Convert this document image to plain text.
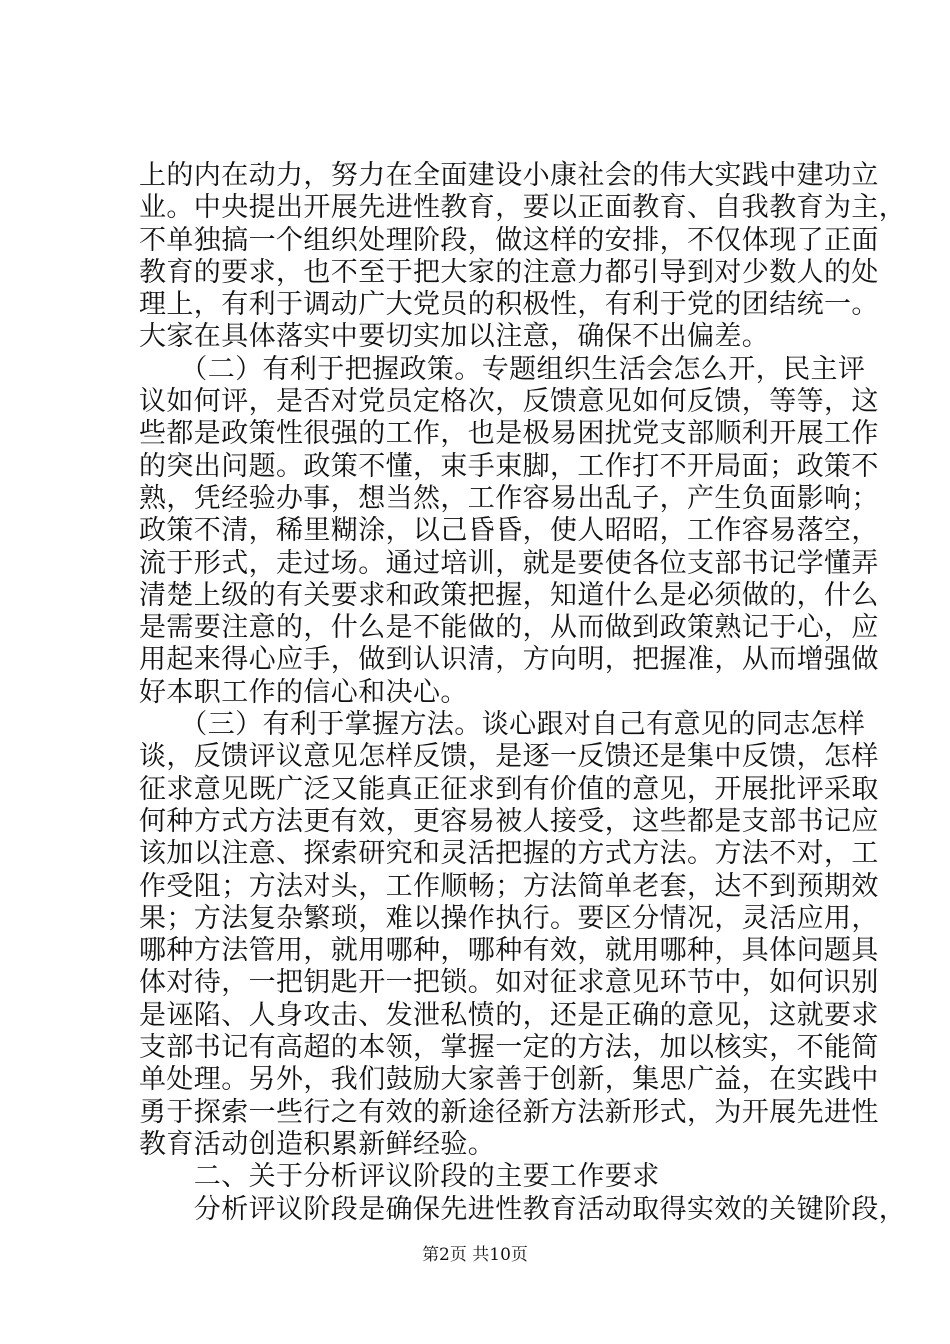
上的内在动力，努力在全面建设小康社会的伟大实践中建功立
业。中央提出开展先进性教育，要以正面教育、自我教育为主，
不单独搞一个组织处理阶段，做这样的安排，不仅体现了正面
教育的要求，也不至于把大家的注意力都引导到对少数人的处
理上，有利于调动广大党员的积极性，有利于党的团结统一。
大家在具体落实中要切实加以注意，确保不出偏差。
　　（二）有利于把握政策。专题组织生活会怎么开，民主评
议如何评，是否对党员定格次，反馈意见如何反馈，等等，这
些都是政策性很强的工作，也是极易困扰党支部顺利开展工作
的突出问题。政策不懂，束手束脚，工作打不开局面；政策不
熟，凭经验办事，想当然，工作容易出乱子，产生负面影响；
政策不清，稀里糊涂，以己昏昏，使人昭昭，工作容易落空，
流于形式，走过场。通过培训，就是要使各位支部书记学懂弄
清楚上级的有关要求和政策把握，知道什么是必须做的，什么
是需要注意的，什么是不能做的，从而做到政策熟记于心，应
用起来得心应手，做到认识清，方向明，把握准，从而增强做
好本职工作的信心和决心。
　　（三）有利于掌握方法。谈心跟对自己有意见的同志怎样
谈，反馈评议意见怎样反馈，是逐一反馈还是集中反馈，怎样
征求意见既广泛又能真正征求到有价值的意见，开展批评采取
何种方式方法更有效，更容易被人接受，这些都是支部书记应
该加以注意、探索研究和灵活把握的方式方法。方法不对，工
作受阻；方法对头，工作顺畅；方法简单老套，达不到预期效
果；方法复杂繁琐，难以操作执行。要区分情况，灵活应用，
哪种方法管用，就用哪种，哪种有效，就用哪种，具体问题具
体对待，一把钥匙开一把锁。如对征求意见环节中，如何识别
是诬陷、人身攻击、发泄私愤的，还是正确的意见，这就要求
支部书记有高超的本领，掌握一定的方法，加以核实，不能简
单处理。另外，我们鼓励大家善于创新，集思广益，在实践中
勇于探索一些行之有效的新途径新方法新形式，为开展先进性
教育活动创造积累新鲜经验。
　　二、关于分析评议阶段的主要工作要求
　　分析评议阶段是确保先进性教育活动取得实效的关键阶段，
第2页 共10页
